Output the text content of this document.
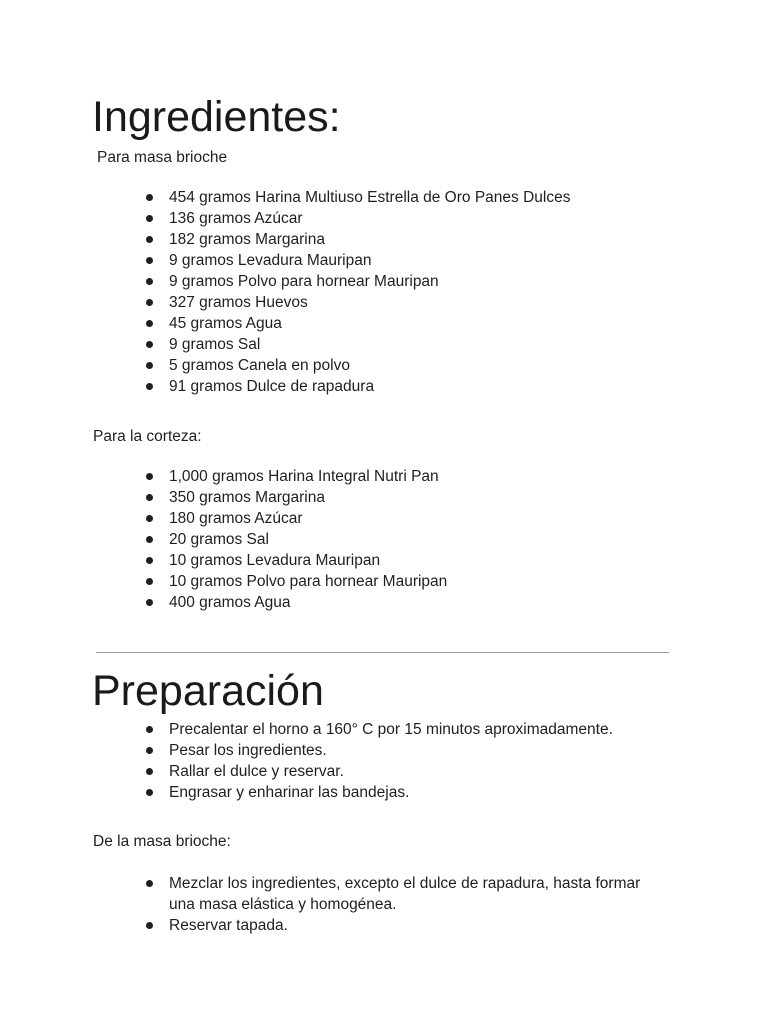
Ingredientes:

Para masa brioche

454 gramos Harina Multiuso Estrella de Oro Panes Dulces
136 gramos Azúcar
182 gramos Margarina
9 gramos Levadura Mauripan
9 gramos Polvo para hornear Mauripan
327 gramos Huevos
45 gramos Agua
9 gramos Sal
5 gramos Canela en polvo
91 gramos Dulce de rapadura

Para la corteza:

1,000 gramos Harina Integral Nutri Pan
350 gramos Margarina
180 gramos Azúcar
20 gramos Sal
10 gramos Levadura Mauripan
10 gramos Polvo para hornear Mauripan
400 gramos Agua
Preparación
Precalentar el horno a 160° C por 15 minutos aproximadamente.
Pesar los ingredientes.
Rallar el dulce y reservar.
Engrasar y enharinar las bandejas.

De la masa brioche:

Mezclar los ingredientes, excepto el dulce de rapadura, hasta formar una masa elástica y homogénea.
Reservar tapada.
